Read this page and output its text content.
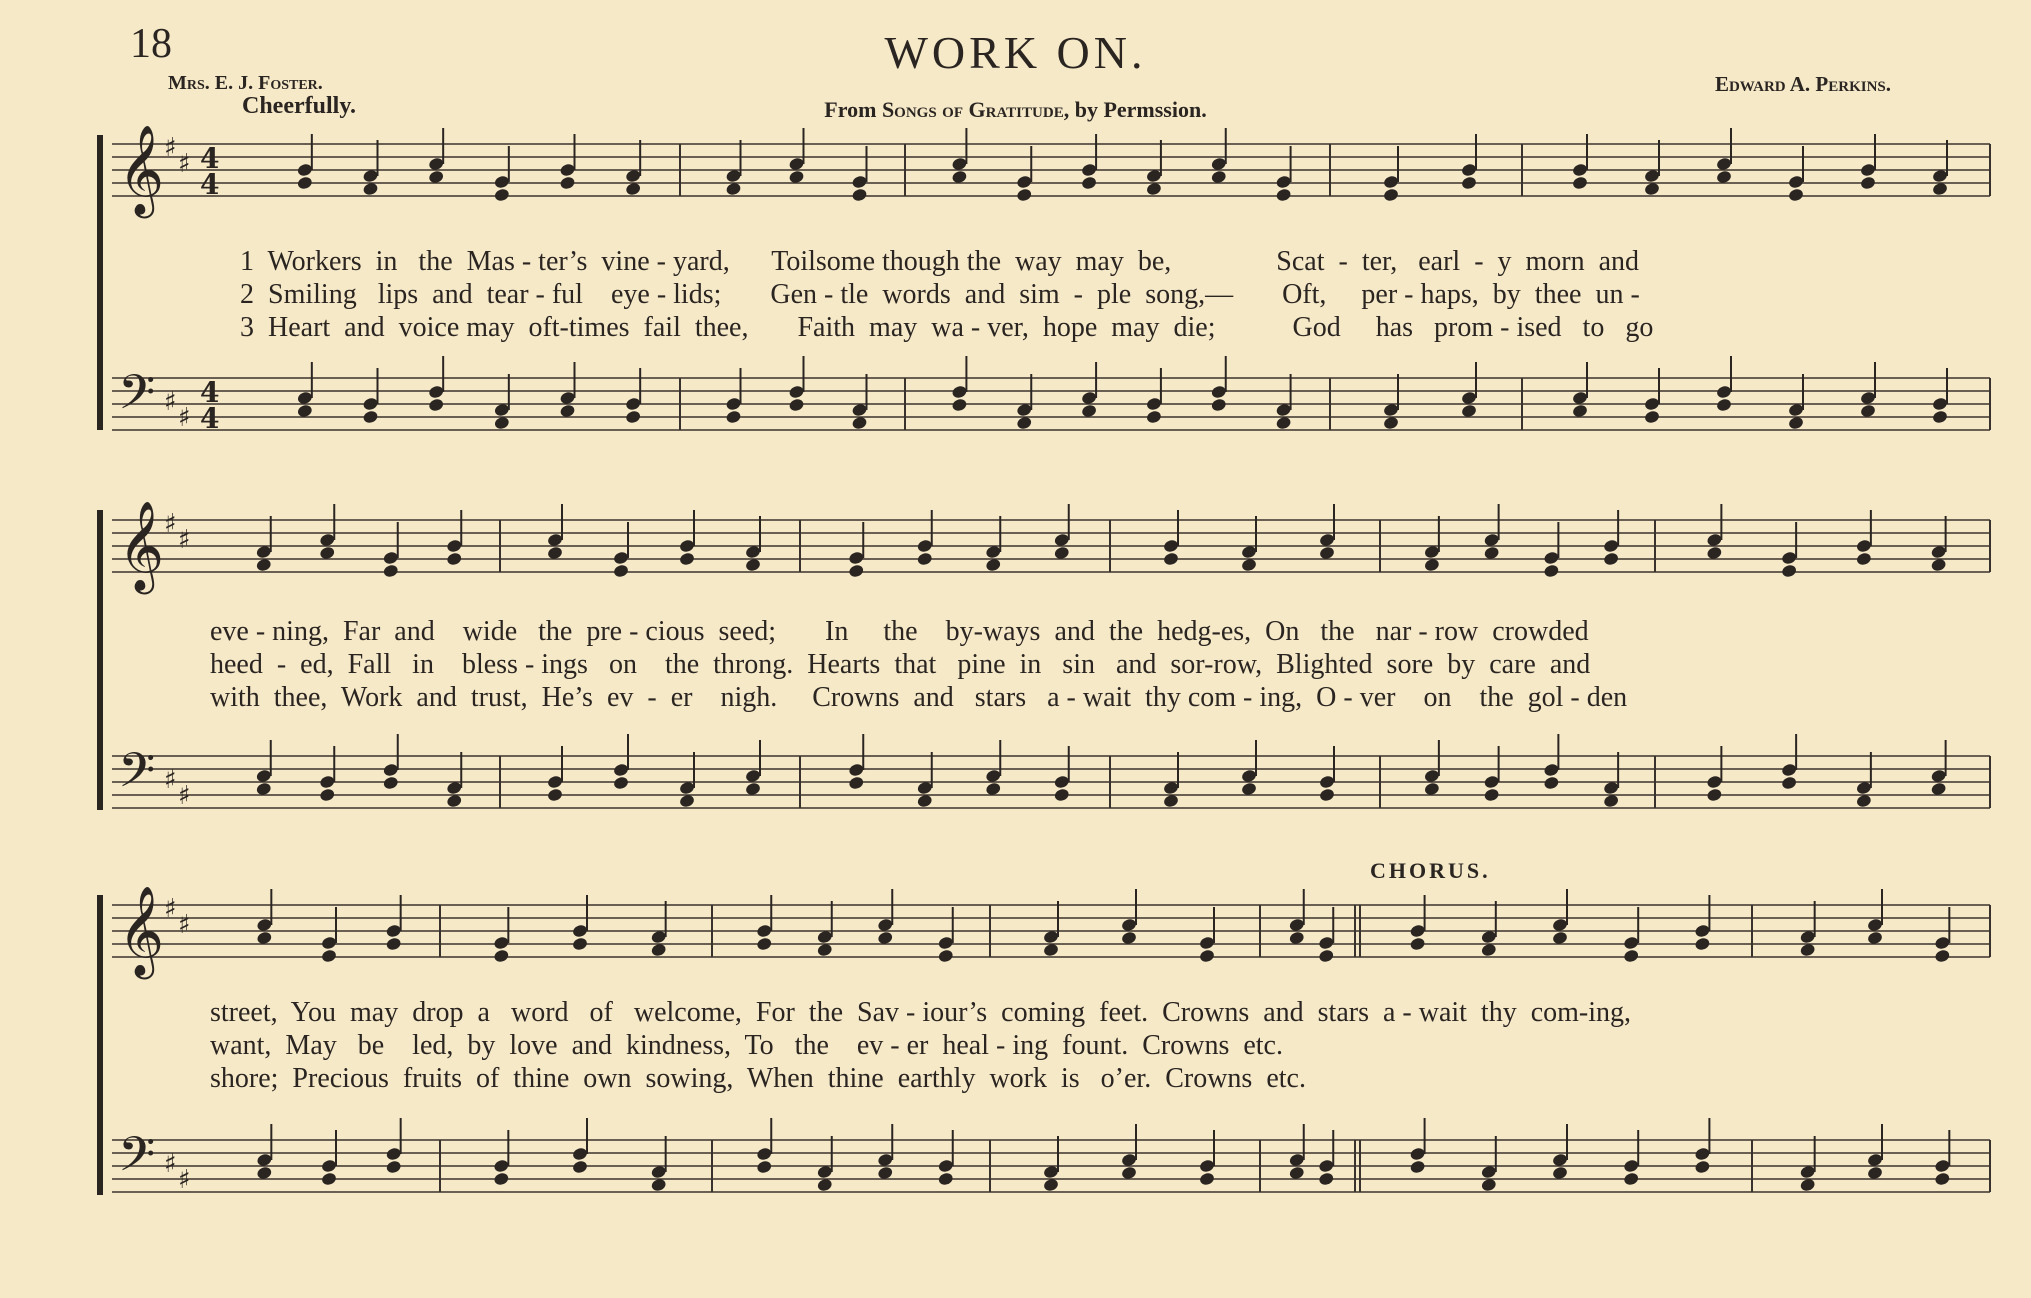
18	WORK ON.
Mrs. E. J. Foster.	Edward A. Perkins.
Cheerfully.	From Songs of Gratitude, by Permssion.
CHORUS.
𝄞 ♯
♯ 4
4
𝄢 ♯
♯
4
4
𝄞 ♯
♯
𝄢 ♯
♯
𝄞 ♯
♯
𝄢 ♯
♯
1  Workers  in   the  Mas - ter’s  vine - yard,      Toilsome though the  way  may  be,               Scat  -  ter,   earl  -  y  morn  and
2  Smiling   lips  and  tear - ful    eye - lids;       Gen - tle  words  and  sim  -  ple  song,—       Oft,     per - haps,  by  thee  un -
3  Heart  and  voice may  oft-times  fail  thee,       Faith  may  wa - ver,  hope  may  die;           God     has   prom - ised   to   go
eve - ning,  Far  and    wide   the  pre - cious  seed;       In     the    by-ways  and  the  hedg-es,  On   the   nar - row  crowded
heed  -  ed,  Fall   in    bless - ings   on    the  throng.  Hearts  that   pine  in   sin   and  sor-row,  Blighted  sore  by  care  and
with  thee,  Work  and  trust,  He’s  ev  -  er    nigh.     Crowns  and   stars   a - wait  thy com - ing,  O - ver    on    the  gol - den
street,  You  may  drop  a   word   of   welcome,  For  the  Sav - iour’s  coming  feet.  Crowns  and  stars  a - wait  thy  com-ing,
want,  May   be    led,  by  love  and  kindness,  To   the    ev - er  heal - ing  fount.  Crowns  etc.
shore;  Precious  fruits  of  thine  own  sowing,  When  thine  earthly  work  is   o’er.  Crowns  etc.
